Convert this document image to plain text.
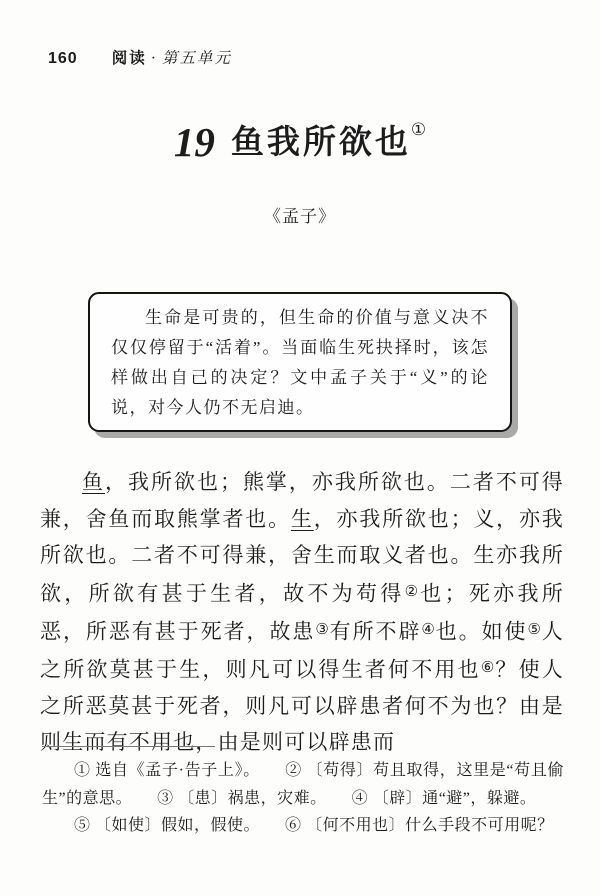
160 阅读 · 第五单元
19 鱼我所欲也①
《孟子》

生命是可贵的，但生命的价值与意义决不仅仅停留于“活着”。当面临生死抉择时，该怎样做出自己的决定？文中孟子关于“义”的论说，对今人仍不无启迪。

鱼，我所欲也；熊掌，亦我所欲也。二者不可得兼，舍鱼而取熊掌者也。生，亦我所欲也；义，亦我所欲也。二者不可得兼，舍生而取义者也。生亦我所欲，所欲有甚于生者，故不为苟得②也；死亦我所恶，所恶有甚于死者，故患③有所不辟④也。如使⑤人之所欲莫甚于生，则凡可以得生者何不用也⑥？使人之所恶莫甚于死者，则凡可以辟患者何不为也？由是则生而有不用也，由是则可以辟患而

① 选自《孟子·告子上》。　　 ② 〔苟得〕苟且取得，这里是“苟且偷生”的意思。　　 ③ 〔患〕祸患，灾难。　　 ④ 〔辟〕通“避”，躲避。

⑤ 〔如使〕假如，假使。　　 ⑥ 〔何不用也〕什么手段不可用呢？
